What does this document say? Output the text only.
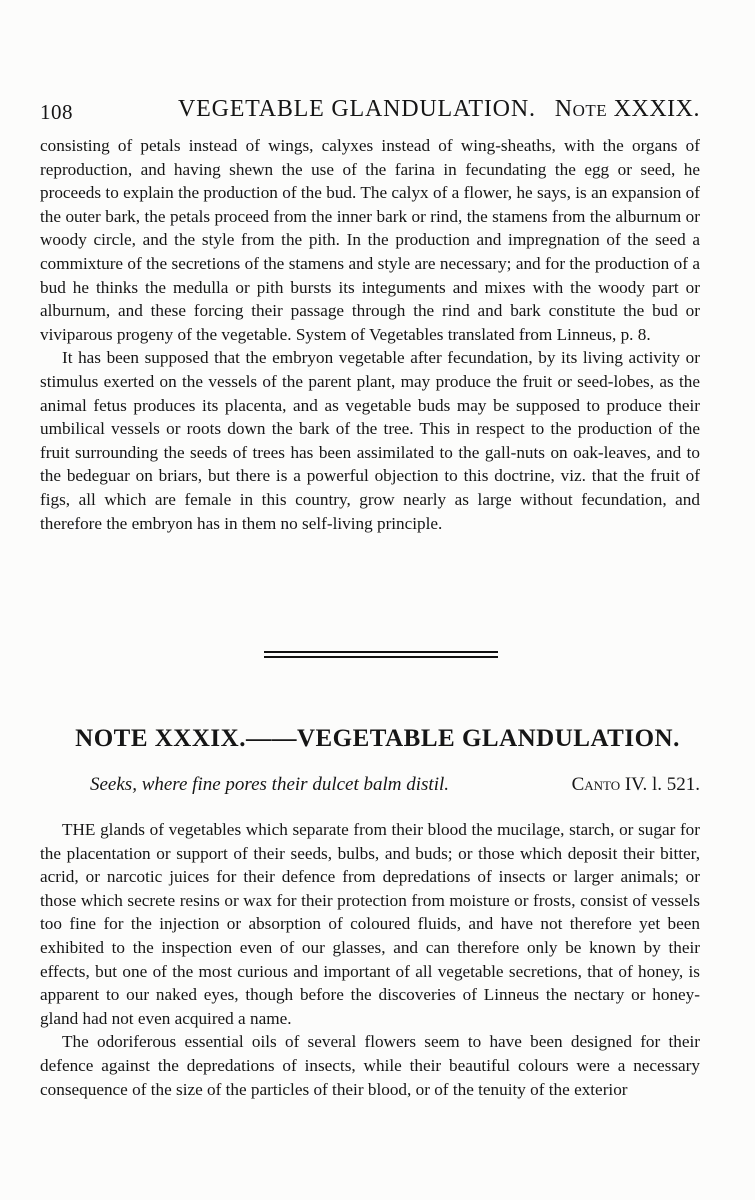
108	VEGETABLE GLANDULATION. Note XXXIX.

consisting of petals instead of wings, calyxes instead of wing-sheaths, with the organs of reproduction, and having shewn the use of the farina in fecundating the egg or seed, he proceeds to explain the production of the bud. The calyx of a flower, he says, is an expansion of the outer bark, the petals proceed from the inner bark or rind, the stamens from the alburnum or woody circle, and the style from the pith. In the production and impregnation of the seed a commixture of the secretions of the stamens and style are necessary; and for the production of a bud he thinks the medulla or pith bursts its integuments and mixes with the woody part or alburnum, and these forcing their passage through the rind and bark constitute the bud or viviparous progeny of the vegetable. System of Vegetables translated from Linneus, p. 8.

It has been supposed that the embryon vegetable after fecundation, by its living activity or stimulus exerted on the vessels of the parent plant, may produce the fruit or seed-lobes, as the animal fetus produces its placenta, and as vegetable buds may be supposed to produce their umbilical vessels or roots down the bark of the tree. This in respect to the production of the fruit surrounding the seeds of trees has been assimilated to the gall-nuts on oak-leaves, and to the bedeguar on briars, but there is a powerful objection to this doctrine, viz. that the fruit of figs, all which are female in this country, grow nearly as large without fecundation, and therefore the embryon has in them no self-living principle.

NOTE XXXIX.——VEGETABLE GLANDULATION.
Seeks, where fine pores their dulcet balm distil.	Canto IV. l. 521.

THE glands of vegetables which separate from their blood the mucilage, starch, or sugar for the placentation or support of their seeds, bulbs, and buds; or those which deposit their bitter, acrid, or narcotic juices for their defence from depredations of insects or larger animals; or those which secrete resins or wax for their protection from moisture or frosts, consist of vessels too fine for the injection or absorption of coloured fluids, and have not therefore yet been exhibited to the inspection even of our glasses, and can therefore only be known by their effects, but one of the most curious and important of all vegetable secretions, that of honey, is apparent to our naked eyes, though before the discoveries of Linneus the nectary or honey-gland had not even acquired a name.

The odoriferous essential oils of several flowers seem to have been designed for their defence against the depredations of insects, while their beautiful colours were a necessary consequence of the size of the particles of their blood, or of the tenuity of the exterior
